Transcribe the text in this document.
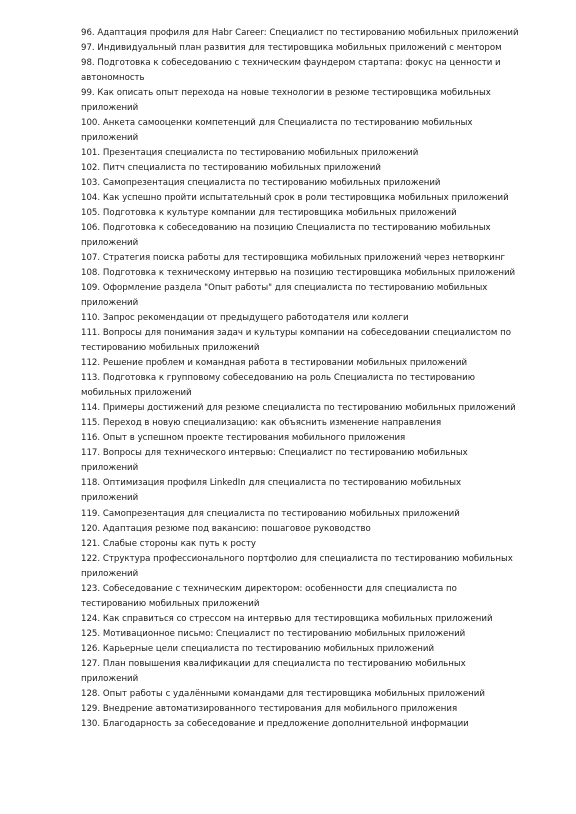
96. Адаптация профиля для Habr Career: Специалист по тестированию мобильных приложений
97. Индивидуальный план развития для тестировщика мобильных приложений с ментором
98. Подготовка к собеседованию с техническим фаундером стартапа: фокус на ценности и автономность
99. Как описать опыт перехода на новые технологии в резюме тестировщика мобильных приложений
100. Анкета самооценки компетенций для Специалиста по тестированию мобильных приложений
101. Презентация специалиста по тестированию мобильных приложений
102. Питч специалиста по тестированию мобильных приложений
103. Самопрезентация специалиста по тестированию мобильных приложений
104. Как успешно пройти испытательный срок в роли тестировщика мобильных приложений
105. Подготовка к культуре компании для тестировщика мобильных приложений
106. Подготовка к собеседованию на позицию Специалиста по тестированию мобильных приложений
107. Стратегия поиска работы для тестировщика мобильных приложений через нетворкинг
108. Подготовка к техническому интервью на позицию тестировщика мобильных приложений
109. Оформление раздела "Опыт работы" для специалиста по тестированию мобильных приложений
110. Запрос рекомендации от предыдущего работодателя или коллеги
111. Вопросы для понимания задач и культуры компании на собеседовании специалистом по тестированию мобильных приложений
112. Решение проблем и командная работа в тестировании мобильных приложений
113. Подготовка к групповому собеседованию на роль Специалиста по тестированию мобильных приложений
114. Примеры достижений для резюме специалиста по тестированию мобильных приложений
115. Переход в новую специализацию: как объяснить изменение направления
116. Опыт в успешном проекте тестирования мобильного приложения
117. Вопросы для технического интервью: Специалист по тестированию мобильных приложений
118. Оптимизация профиля LinkedIn для специалиста по тестированию мобильных приложений
119. Самопрезентация для специалиста по тестированию мобильных приложений
120. Адаптация резюме под вакансию: пошаговое руководство
121. Слабые стороны как путь к росту
122. Структура профессионального портфолио для специалиста по тестированию мобильных приложений
123. Собеседование с техническим директором: особенности для специалиста по тестированию мобильных приложений
124. Как справиться со стрессом на интервью для тестировщика мобильных приложений
125. Мотивационное письмо: Специалист по тестированию мобильных приложений
126. Карьерные цели специалиста по тестированию мобильных приложений
127. План повышения квалификации для специалиста по тестированию мобильных приложений
128. Опыт работы с удалёнными командами для тестировщика мобильных приложений
129. Внедрение автоматизированного тестирования для мобильного приложения
130. Благодарность за собеседование и предложение дополнительной информации
